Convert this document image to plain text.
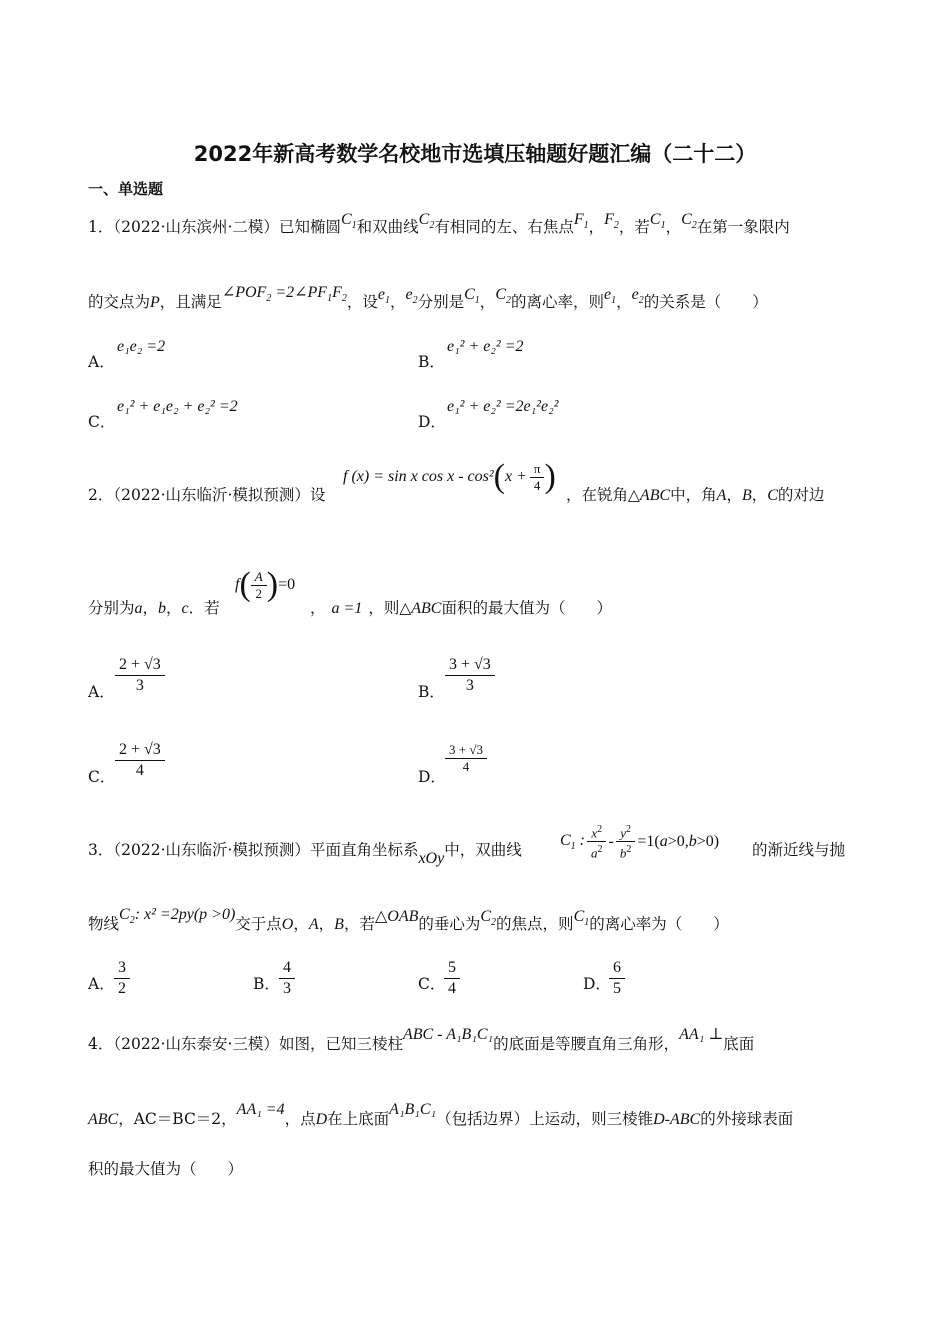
2022年新高考数学名校地市选填压轴题好题汇编（二十二）
一、单选题
1．（2022·山东滨州·二模）已知椭圆$C_1$和双曲线$C_2$有相同的左、右焦点$F_1$，$F_2$，若$C_1$，$C_2$在第一象限内
的交点为P，且满足$\angle POF_2$ $=2\angle PF_1F_2$，设$e_1$，$e_2$分别是$C_1$，$C_2$的离心率，则$e_1$，$e_2$的关系是（　　）
A．
e₁e₂ =2
B．
e₁² + e₂² =2
C．
e₁² + e₁e₂ + e₂² =2
D．
e₁² + e₂² =2e₁²e₂²
2．（2022·山东临沂·模拟预测）设
f (x) = sin x cos x - cos² ( $x + \frac{\pi}{4}$ ) ，在锐角△ABC中，角A，B，C的对边
分别为a，b，c．若
f ( $\frac{A}{2}$ ) =0
， a =1 ，则△ABC面积的最大值为（　　）
A． $\frac{2 + √3}{3}$	B． $\frac{3 + √3}{3}$
C． $\frac{2 + √3}{4}$	D．
$\frac{3 + √3}{4}$
3．（2022·山东临沂·模拟预测）平面直角坐标系xOy中，双曲线
$C_1$ : $\frac{x^2}{a^2} - \frac{y^2}{b^2} =1$( a >0, b >0) 的渐近线与抛
物线$C_2$: x² =2py(p >0)交于点O，A，B，若△OAB的垂心为$C_2$的焦点，则$C_1$的离心率为（　　）
A． $\frac{3}{2}$	B． $\frac{4}{3}$	C．
$\frac{5}{4}$	D．
$\frac{6}{5}$
4．（2022·山东泰安·三模）如图，已知三棱柱ABC - A₁B₁C₁的底面是等腰直角三角形，AA₁ ⊥底面
ABC，AC＝BC＝2，AA₁ =4，点D在上底面A₁B₁C₁（包括边界）上运动，则三棱锥D-ABC的外接球表面
积的最大值为（　　）
